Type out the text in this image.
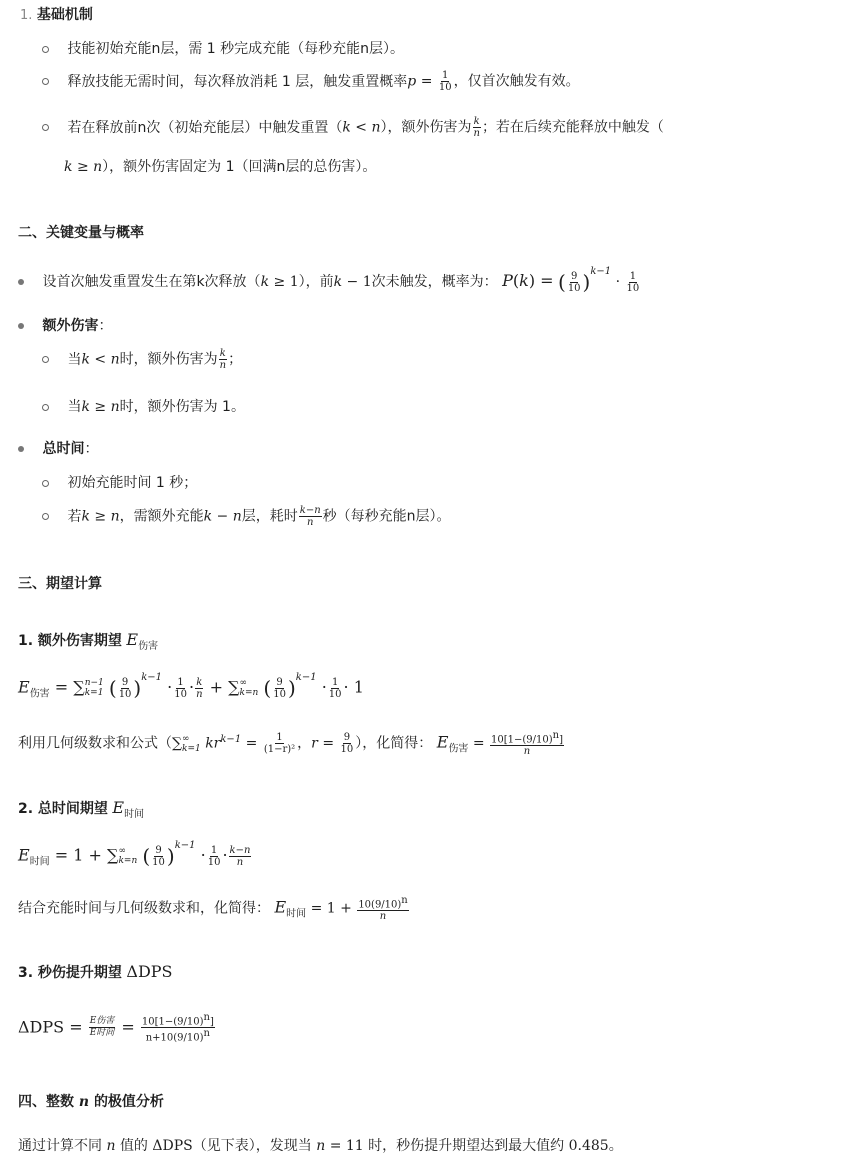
1. 基础机制
技能初始充能n层，需 1 秒完成充能（每秒充能n层）。
释放技能无需时间，每次释放消耗 1 层，触发重置概率$p = \frac{1}{10}$ ，仅首次触发有效。
若在释放前n次（初始充能层）中触发重置（k < n），额外伤害为 $\frac{k}{n}$ ；若在后续充能释放中触发（
k ≥ n），额外伤害固定为 1（回满n层的总伤害）。
二、关键变量与概率
设首次触发重置发生在第k次释放（k ≥ 1），前k − 1次未触发，概率为： P(k) = ( $\frac{9}{10} )^{k-1} \cdot \frac{1}{10}$
额外伤害：
当k < n时，额外伤害为 $\frac{k}{n}$ ；
当k ≥ n时，额外伤害为 1。
总时间：
初始充能时间 1 秒；
若k ≥ n，需额外充能k − n层，耗时 $\frac{k-n}{n}$ 秒（每秒充能n层）。
三、期望计算
1. 额外伤害期望 $E_{伤害}$
$E_{伤害}$ = ∑ n−1
k=1 ( $\frac{9}{10} )^{k-1} \cdot \frac{1}{10} \cdot \frac{k}{n}$ + ∑ ∞
k=n ( $\frac{9}{10} )^{k-1} \cdot \frac{1}{10} \cdot 1$
利用几何级数求和公式（∑ ∞
k=1 $kr^{k-1} = \frac{1}{\text{(1−r)²}}$ ，$r = \frac{9}{10}$ ），化简得： $E_{伤害} = \frac{10[1-(9/10)^n]}{n}$
2. 总时间期望 $E_{时间}$
$E_{时间} = 1$ + ∑ ∞
k=n ( $\frac{9}{10} )^{k-1} \cdot \frac{1}{10} \cdot \frac{k-n}{n}$
结合充能时间与几何级数求和，化简得： $E_{时间} = 1 + \frac{10(9/10)^n}{n}$
3. 秒伤提升期望 ΔDPS
$\Delta DPS = \frac{\text{E伤害}}{\text{E时间}} = \frac{10[1-(9/10)^n]}{n+10(9/10)^n}$
四、整数 n 的极值分析
通过计算不同 n 值的 ΔDPS（见下表），发现当 n = 11 时，秒伤提升期望达到最大值约 0.485。
